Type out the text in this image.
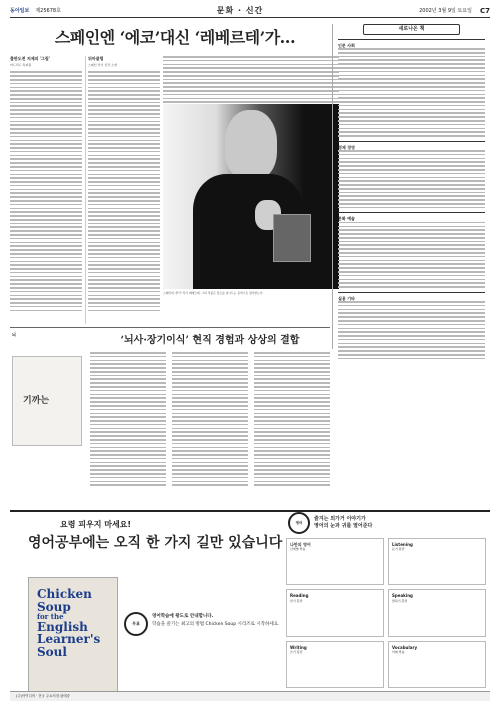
동아일보 제25678호	문화 · 신간	2002년 3월 9일 토요일 C7
스페인엔 ‘에코’대신 ‘레베르테’가…
출판도전 저제의 '그림'
마드리드 특파원
뒤마클럽
스페인 작가 신작 소개
스페인의 '추리' 작가 레베르테. 그의 작품은 장르를 넘나드는 문학으로 평가받는다.
새로나온 책
인문 사회
경제 경영
문화 예술
실용 기타
뇌
‘뇌사·장기이식’ 현직 경험과 상상의 결합
기까는
요령 피우지 마세요!
영어공부에는 오직 한 가지 길만 있습니다
Chicken
Soup
for the
English
Learner's
Soul
무료
영어학습에 왕도로 안내합니다.
학습을 즐기는 최고의 방법 Chicken Soup 시리즈로 시작하세요.
영어
즐겨는 외가거 이야기가
영어의 눈과 귀를 열어준다
나만의 영어
단계별 학습
Listening
듣기 훈련
Reading
읽기 훈련
Speaking
말하기 훈련
Writing
쓰기 훈련
Vocabulary
어휘 학습
(주)아이디어 · 전국 주요서점 판매중
